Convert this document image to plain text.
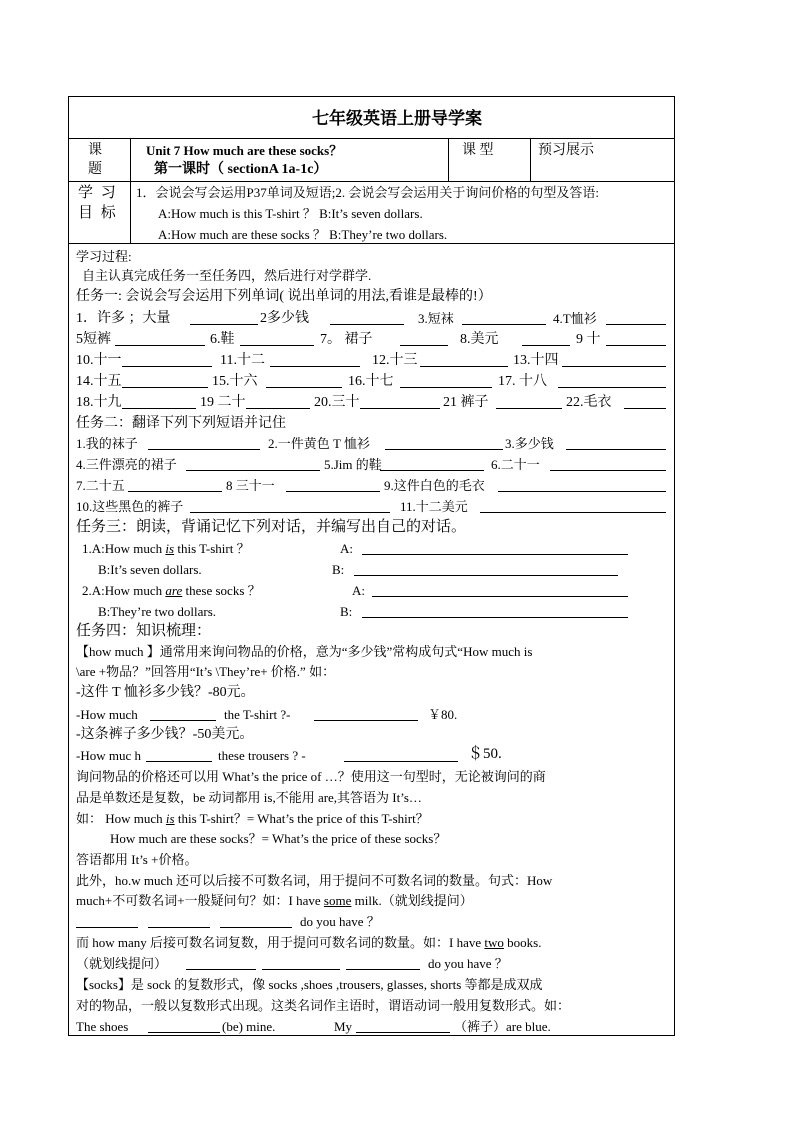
七年级英语上册导学案
课
题
Unit 7 How much are these socks？
第一课时（ sectionA 1a-1c）
课 型	预习展示
学 习
目 标
1．会说会写会运用P37单词及短语;2. 会说会写会运用关于询问价格的句型及答语:
A:How much is this T-shirt ？ B:It’s seven dollars.
A:How much are these socks ？ B:They’re two dollars.
学习过程:
自主认真完成任务一至任务四，然后进行对学群学.
任务一: 会说会写会运用下列单词( 说出单词的用法,看谁是最棒的!）
1．许多 ；大量	2多少钱	3.短袜	4.T恤衫
5短裤	6.鞋	7。 裙子	8.美元	9 十
10.十一	11.十二	12.十三	13.十四
14.十五	15.十六	16.十七	17. 十八
18.十九	19 二十	20.三十	21 裤子	22.毛衣
任务二：翻译下列下列短语并记住
1.我的袜子	2.一件黄色 T 恤衫	3.多少钱
4.三件漂亮的裙子	5.Jim 的鞋	6.二十一
7.二十五	8 三十一	9.这件白色的毛衣
10.这些黑色的裤子	11.十二美元
任务三：朗读，背诵记忆下列对话，并编写出自己的对话。
1.A:How much is this T-shirt ？	A:
B:It’s seven dollars.	B:
2.A:How much are these socks ？	A:
B:They’re two dollars.	B:
任务四：知识梳理：
【how much 】通常用来询问物品的价格，意为“多少钱”常构成句式“How much is
\are +物品？”回答用“It’s \They’re+ 价格.” 如：
-这件 T 恤衫多少钱？-80元。
-How much	the T-shirt ?-	￥80.
-这条裤子多少钱？-50美元。
-How muc h	these trousers ? -	＄50.
询问物品的价格还可以用 What’s the price of …？使用这一句型时，无论被询问的商
品是单数还是复数，be 动词都用 is,不能用 are,其答语为 It’s…
如： How much is this T-shirt？= What’s the price of this T-shirt？
How much are these socks？= What’s the price of these socks？
答语都用 It’s +价格。
此外，ho.w much 还可以后接不可数名词，用于提问不可数名词的数量。句式：How
much+不可数名词+一般疑问句？如：I have some milk.（就划线提问）
do you have ？
而 how many 后接可数名词复数，用于提问可数名词的数量。如：I have two books.
（就划线提问）	do you have ？
【socks】是 sock 的复数形式，像 socks ,shoes ,trousers, glasses, shorts 等都是成双成
对的物品，一般以复数形式出现。这类名词作主语时，谓语动词一般用复数形式。如：
The shoes	(be) mine.	My	（裤子）are blue.
